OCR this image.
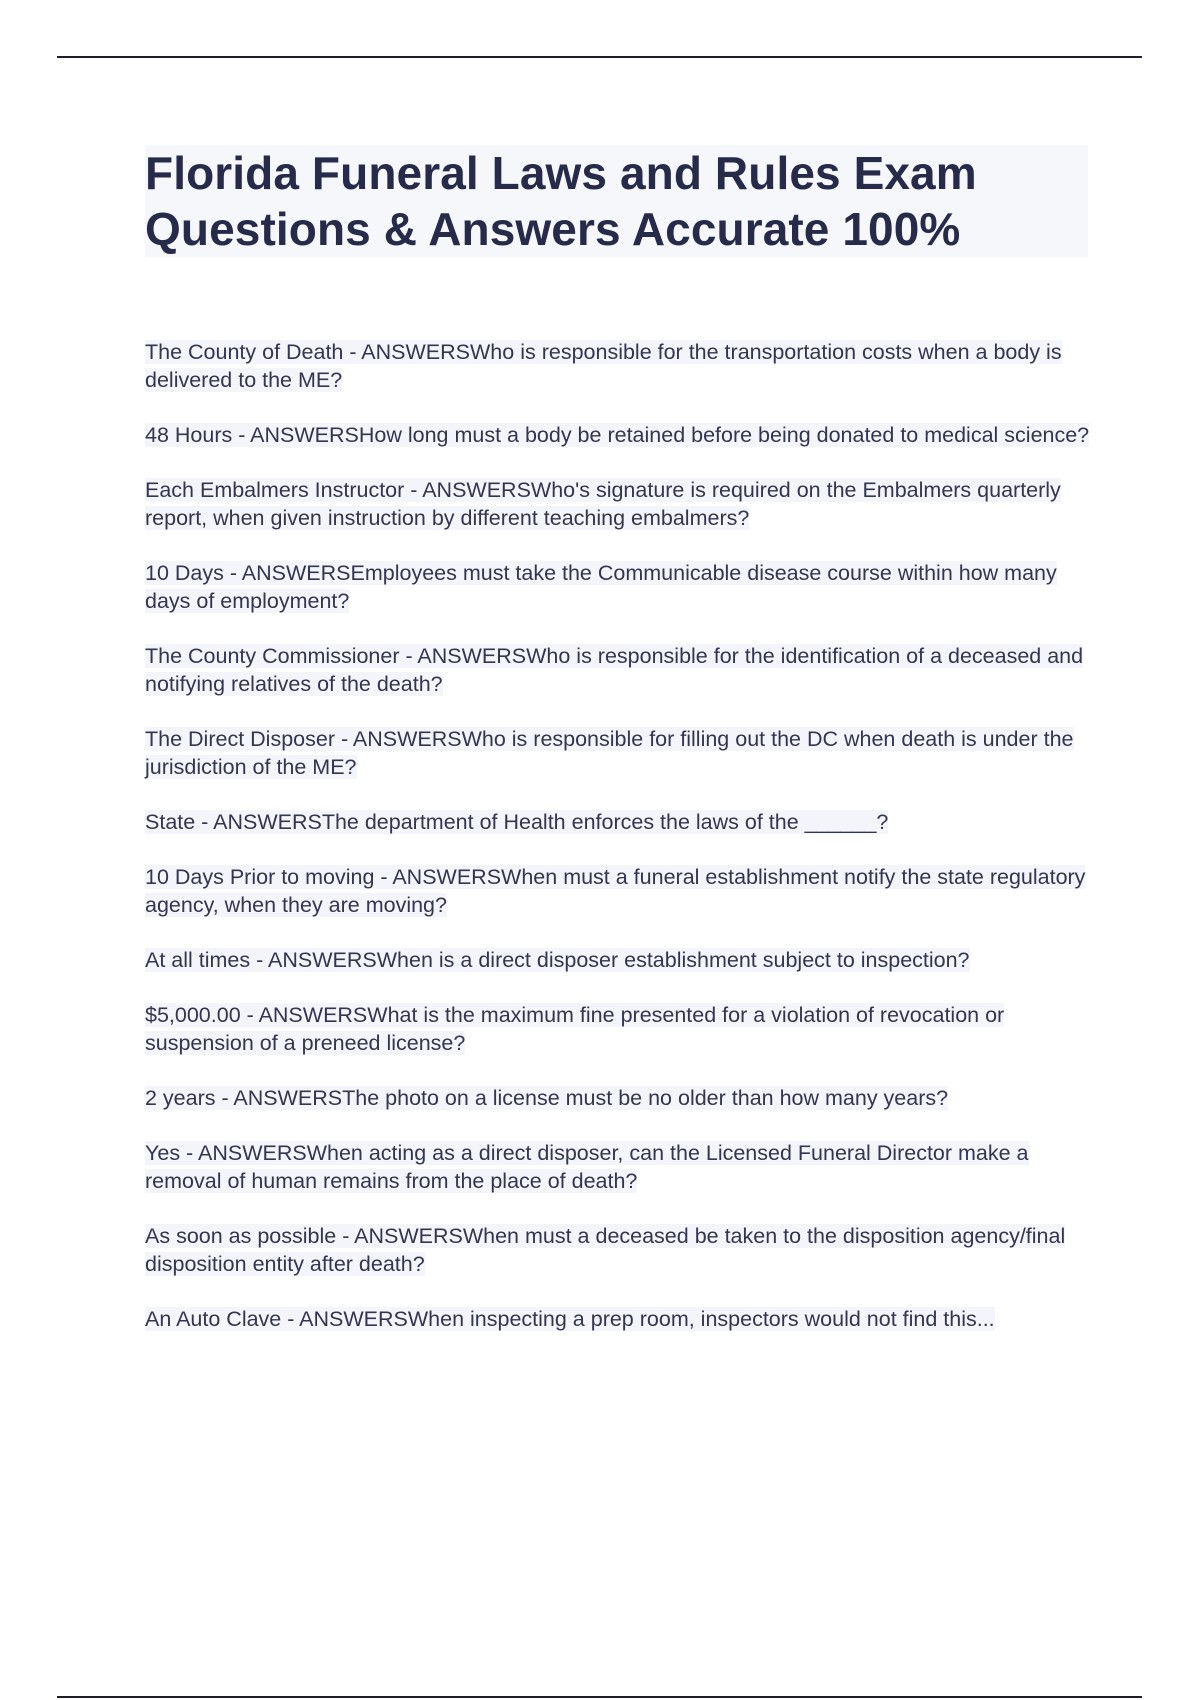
Florida Funeral Laws and Rules Exam Questions & Answers Accurate 100%
The County of Death - ANSWERSWho is responsible for the transportation costs when a body is delivered to the ME?
48 Hours - ANSWERSHow long must a body be retained before being donated to medical science?
Each Embalmers Instructor - ANSWERSWho's signature is required on the Embalmers quarterly report, when given instruction by different teaching embalmers?
10 Days - ANSWERSEmployees must take the Communicable disease course within how many days of employment?
The County Commissioner - ANSWERSWho is responsible for the identification of a deceased and notifying relatives of the death?
The Direct Disposer - ANSWERSWho is responsible for filling out the DC when death is under the jurisdiction of the ME?
State - ANSWERSThe department of Health enforces the laws of the ______?
10 Days Prior to moving - ANSWERSWhen must a funeral establishment notify the state regulatory agency, when they are moving?
At all times - ANSWERSWhen is a direct disposer establishment subject to inspection?
$5,000.00 - ANSWERSWhat is the maximum fine presented for a violation of revocation or suspension of a preneed license?
2 years - ANSWERSThe photo on a license must be no older than how many years?
Yes - ANSWERSWhen acting as a direct disposer, can the Licensed Funeral Director make a removal of human remains from the place of death?
As soon as possible - ANSWERSWhen must a deceased be taken to the disposition agency/final disposition entity after death?
An Auto Clave - ANSWERSWhen inspecting a prep room, inspectors would not find this...
